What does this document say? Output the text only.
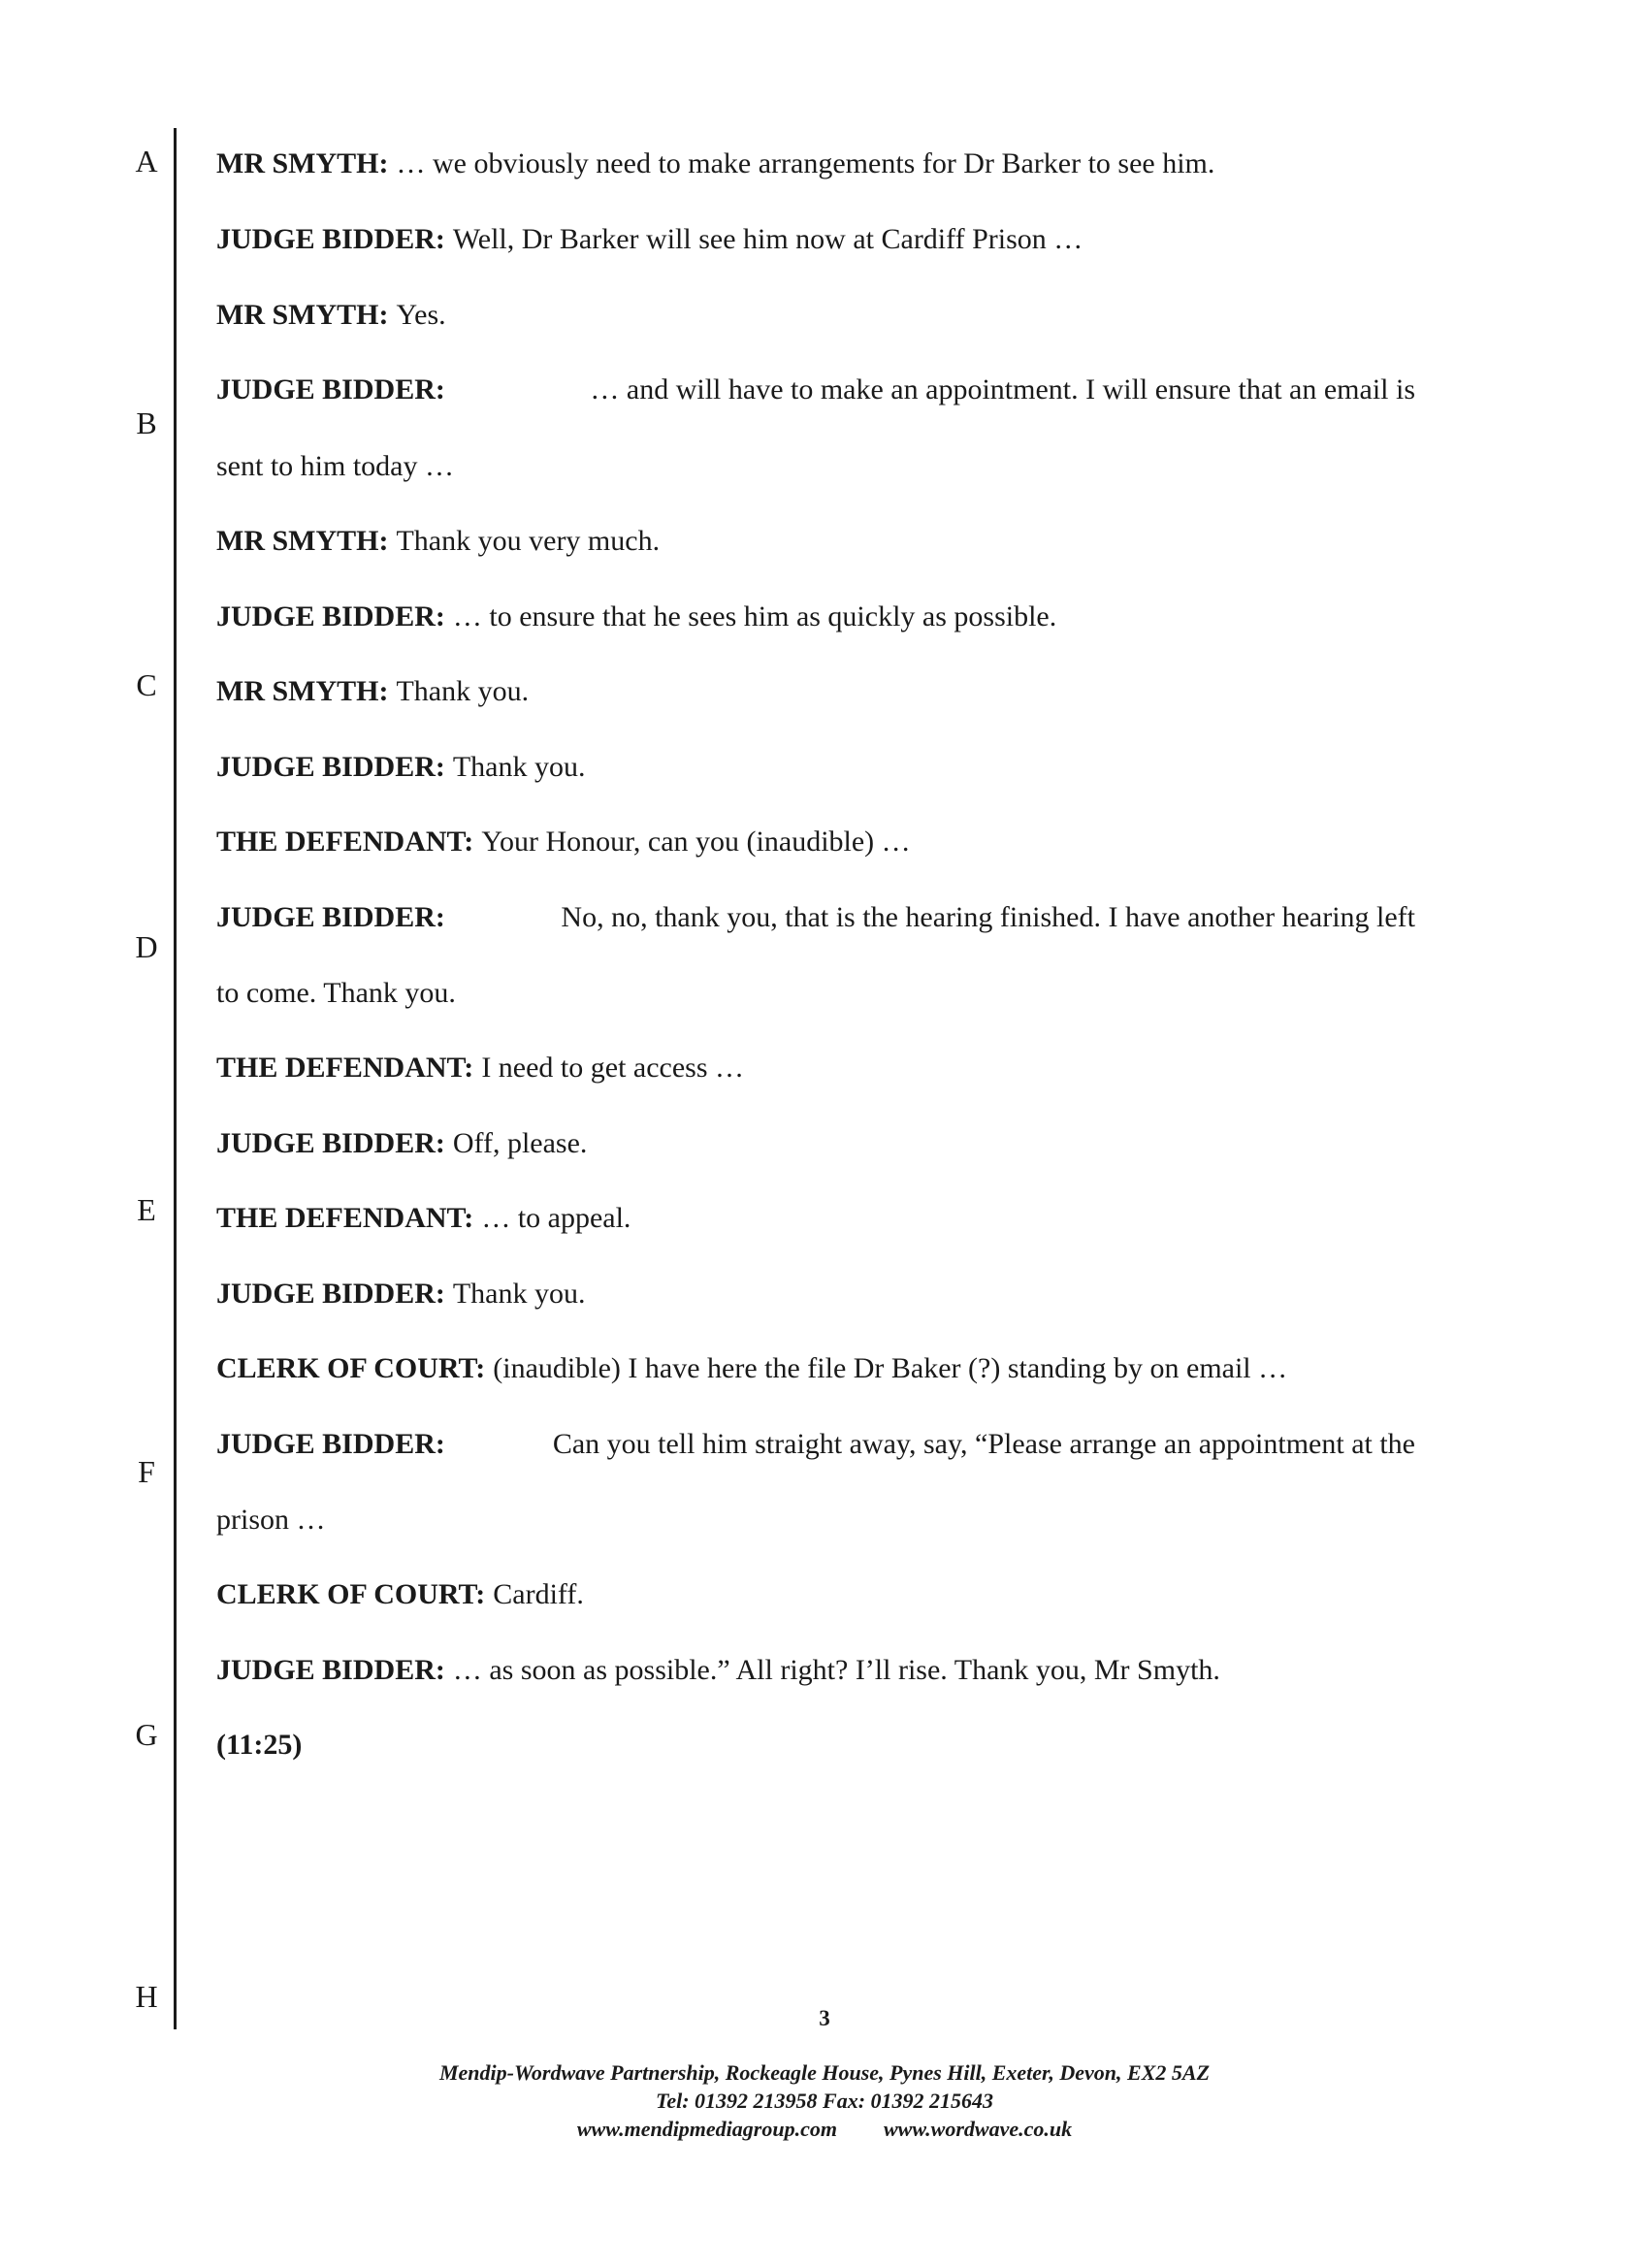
A
B
C
D
E
F
G
H
MR SMYTH: … we obviously need to make arrangements for Dr Barker to see him.
JUDGE BIDDER: Well, Dr Barker will see him now at Cardiff Prison …
MR SMYTH: Yes.
JUDGE BIDDER:	… and will have to make an appointment. I will ensure that an email is
sent to him today …
MR SMYTH: Thank you very much.
JUDGE BIDDER: … to ensure that he sees him as quickly as possible.
MR SMYTH: Thank you.
JUDGE BIDDER: Thank you.
THE DEFENDANT: Your Honour, can you (inaudible) …
JUDGE BIDDER:	No, no, thank you, that is the hearing finished. I have another hearing left
to come. Thank you.
THE DEFENDANT: I need to get access …
JUDGE BIDDER: Off, please.
THE DEFENDANT: … to appeal.
JUDGE BIDDER: Thank you.
CLERK OF COURT: (inaudible) I have here the file Dr Baker (?) standing by on email …
JUDGE BIDDER:	Can you tell him straight away, say, “Please arrange an appointment at the
prison …
CLERK OF COURT: Cardiff.
JUDGE BIDDER: … as soon as possible.” All right? I’ll rise. Thank you, Mr Smyth.
(11:25)
3
Mendip-Wordwave Partnership, Rockeagle House, Pynes Hill, Exeter, Devon, EX2 5AZ
Tel: 01392 213958 Fax: 01392 215643
www.mendipmediagroup.com www.wordwave.co.uk
